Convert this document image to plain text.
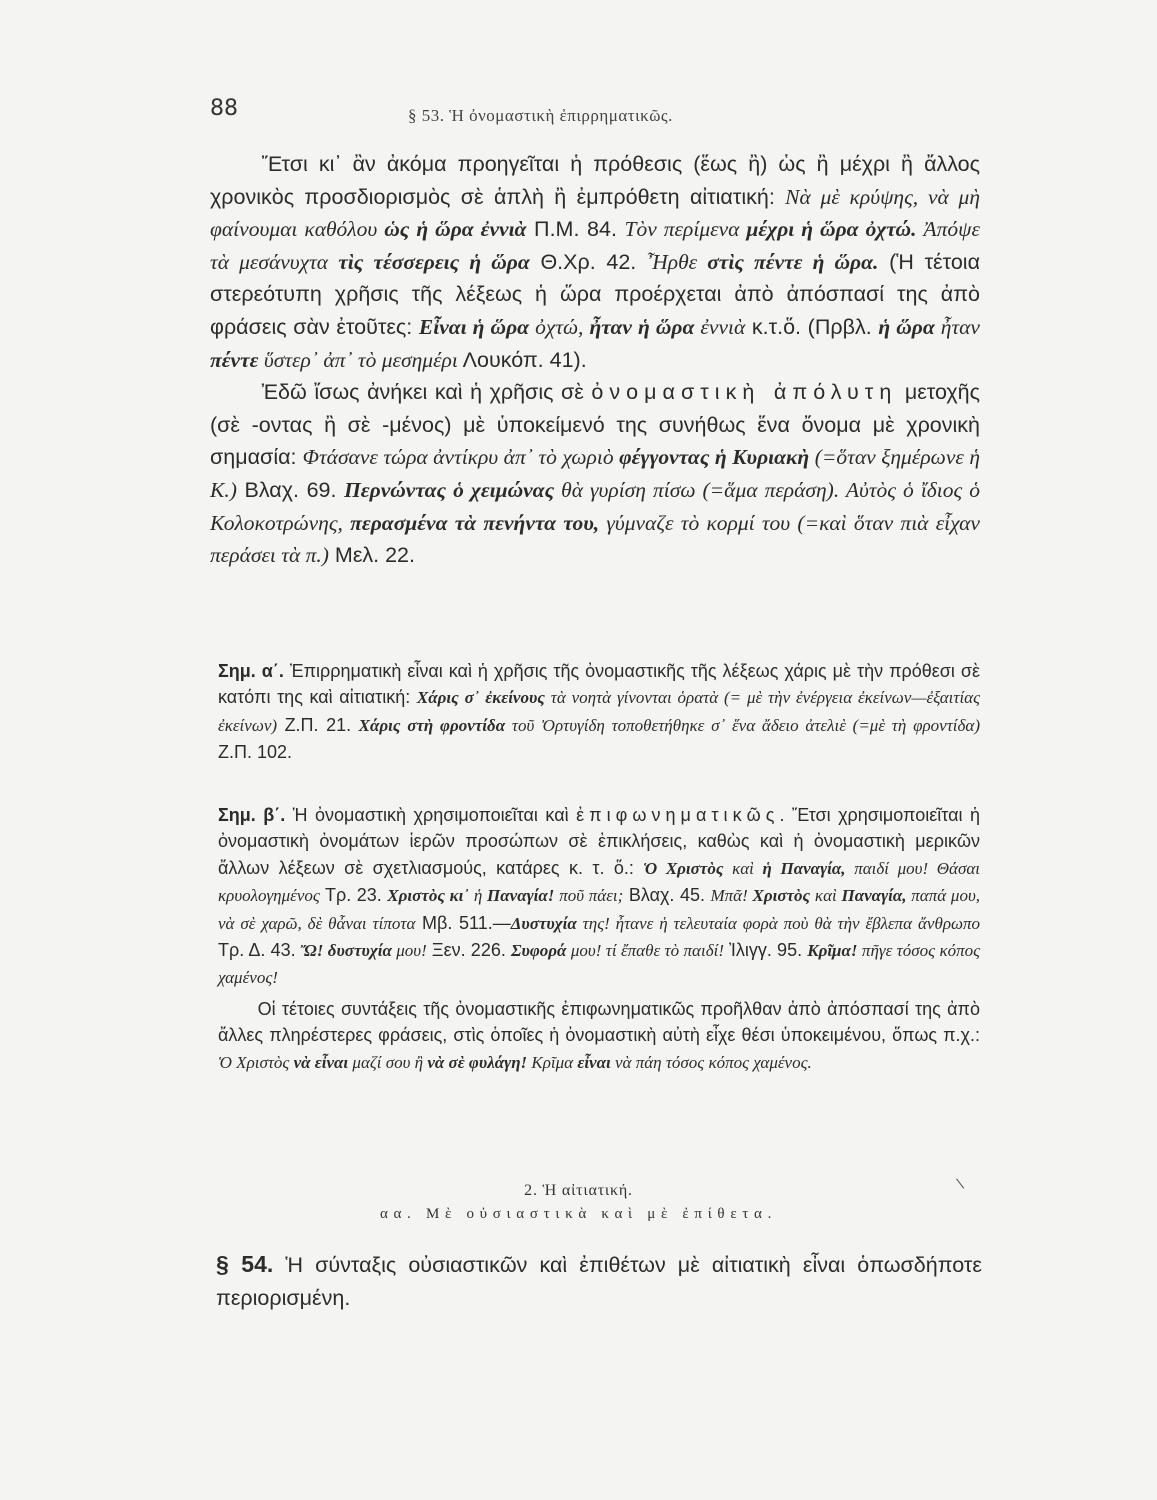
88	§ 53. Ἡ ὀνομαστικὴ ἐπιρρηματικῶς.

Ἔτσι κι᾽ ἂν ἀκόμα προηγεῖται ἡ πρόθεσις (ἕως ἢ) ὡς ἢ μέχρι ἢ ἄλλος χρονικὸς προσδιορισμὸς σὲ ἁπλὴ ἢ ἐμπρόθετη αἰτιατική: Νὰ μὲ κρύψης, νὰ μὴ φαίνουμαι καθόλου ὡς ἡ ὥρα ἐννιὰ Π.Μ. 84. Τὸν περίμενα μέχρι ἡ ὥρα ὀχτώ. Ἀπόψε τὰ μεσάνυχτα τὶς τέσσερεις ἡ ὥρα Θ.Χρ. 42. Ἦρθε στὶς πέντε ἡ ὥρα. (Ἡ τέτοια στερεότυπη χρῆσις τῆς λέξεως ἡ ὥρα προέρχεται ἀπὸ ἀπόσπασί της ἀπὸ φράσεις σὰν ἐτοῦτες: Εἶναι ἡ ὥρα ὀχτώ, ἦταν ἡ ὥρα ἐννιὰ κ.τ.ὅ. (Πρβλ. ἡ ὥρα ἦταν πέντε ὕστερ᾽ ἀπ᾽ τὸ μεσημέρι Λουκόπ. 41).

Ἐδῶ ἴσως ἀνήκει καὶ ἡ χρῆσις σὲ ὀνομαστικὴ ἀπόλυτη μετοχῆς (σὲ -οντας ἢ σὲ -μένος) μὲ ὑποκείμενό της συνήθως ἕνα ὄνομα μὲ χρονικὴ σημασία: Φτάσανε τώρα ἀντίκρυ ἀπ᾽ τὸ χωριὸ φέγγοντας ἡ Κυριακὴ (=ὅταν ξημέρωνε ἡ Κ.) Βλαχ. 69. Περνώντας ὁ χειμώνας θὰ γυρίση πίσω (=ἅμα περάση). Αὐτὸς ὁ ἴδιος ὁ Κολοκοτρώνης, περασμένα τὰ πενήντα του, γύμναζε τὸ κορμί του (=καὶ ὅταν πιὰ εἶχαν περάσει τὰ π.) Μελ. 22.

Σημ. α΄. Ἐπιρρηματικὴ εἶναι καὶ ἡ χρῆσις τῆς ὀνομαστικῆς τῆς λέξεως χάρις μὲ τὴν πρόθεσι σὲ κατόπι της καὶ αἰτιατική: Χάρις σ᾽ ἐκείνους τὰ νοητὰ γίνονται ὁρατὰ (= μὲ τὴν ἐνέργεια ἐκείνων—ἐξαιτίας ἐκείνων) Ζ.Π. 21. Χάρις στὴ φροντίδα τοῦ Ὀρτυγίδη τοποθετήθηκε σ᾽ ἕνα ἄδειο ἀτελιὲ (=μὲ τὴ φροντίδα) Ζ.Π. 102.

Σημ. β΄. Ἡ ὀνομαστικὴ χρησιμοποιεῖται καὶ ἐπιφωνηματικῶς. Ἔτσι χρησιμοποιεῖται ἡ ὀνομαστικὴ ὀνομάτων ἱερῶν προσώπων σὲ ἐπικλήσεις, καθὼς καὶ ἡ ὀνομαστικὴ μερικῶν ἄλλων λέξεων σὲ σχετλιασμούς, κατάρες κ. τ. ὅ.: Ὁ Χριστὸς καὶ ἡ Παναγία, παιδί μου! Θάσαι κρυολογημένος Τρ. 23. Χριστὸς κι᾽ ἡ Παναγία! ποῦ πάει; Βλαχ. 45. Μπᾶ! Χριστὸς καὶ Παναγία, παπά μου, νὰ σὲ χαρῶ, δὲ θἆναι τίποτα Μβ. 511.—Δυστυχία της! ἦτανε ἡ τελευταία φορὰ ποὺ θὰ τὴν ἔβλεπα ἄνθρωπο Τρ. Δ. 43. Ὤ! δυστυχία μου! Ξεν. 226. Συφορά μου! τί ἔπαθε τὸ παιδί! Ἰλιγγ. 95. Κρῖμα! πῆγε τόσος κόπος χαμένος!

Οἱ τέτοιες συντάξεις τῆς ὀνομαστικῆς ἐπιφωνηματικῶς προῆλθαν ἀπὸ ἀπόσπασί της ἀπὸ ἄλλες πληρέστερες φράσεις, στὶς ὁποῖες ἡ ὀνομαστικὴ αὐτὴ εἶχε θέσι ὑποκειμένου, ὅπως π.χ.: Ὁ Χριστὸς νὰ εἶναι μαζί σου ἢ νὰ σὲ φυλάγη! Κρῖμα εἶναι νὰ πάη τόσος κόπος χαμένος.

2. Ἡ αἰτιατική.
αα. Μὲ οὐσιαστικὰ καὶ μὲ ἐπίθετα.
\
§ 54. Ἡ σύνταξις οὐσιαστικῶν καὶ ἐπιθέτων μὲ αἰτιατικὴ εἶναι ὁπωσδήποτε περιορισμένη.
